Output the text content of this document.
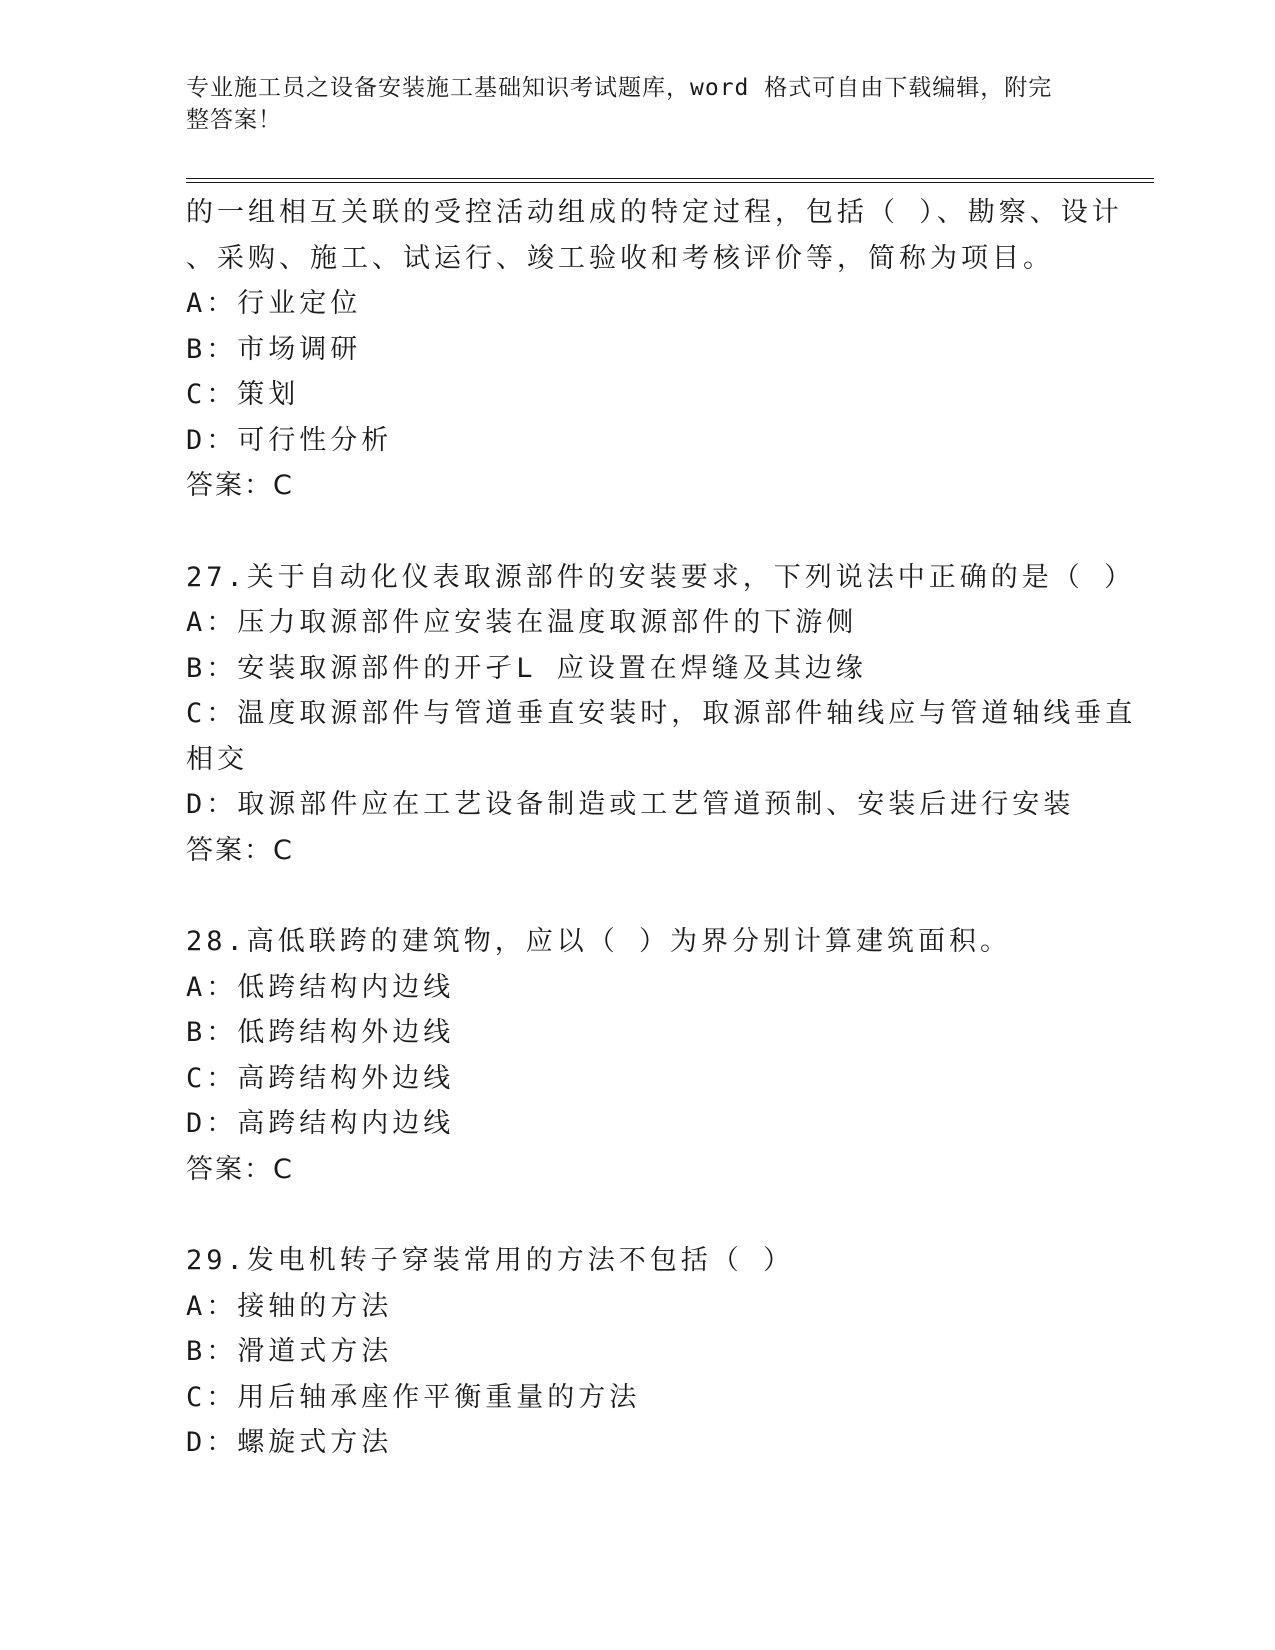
专业施工员之设备安装施工基础知识考试题库，word 格式可自由下载编辑，附完
整答案！
的一组相互关联的受控活动组成的特定过程，包括（ ）、勘察、设计
、采购、施工、试运行、竣工验收和考核评价等，简称为项目。
A：行业定位
B：市场调研
C：策划
D：可行性分析
答案：C
27.关于自动化仪表取源部件的安装要求，下列说法中正确的是（ ）
A：压力取源部件应安装在温度取源部件的下游侧
B：安装取源部件的开孑L 应设置在焊缝及其边缘
C：温度取源部件与管道垂直安装时，取源部件轴线应与管道轴线垂直
相交
D：取源部件应在工艺设备制造或工艺管道预制、安装后进行安装
答案：C
28.高低联跨的建筑物，应以（ ）为界分别计算建筑面积。
A：低跨结构内边线
B：低跨结构外边线
C：高跨结构外边线
D：高跨结构内边线
答案：C
29.发电机转子穿装常用的方法不包括（ ）
A：接轴的方法
B：滑道式方法
C：用后轴承座作平衡重量的方法
D：螺旋式方法
